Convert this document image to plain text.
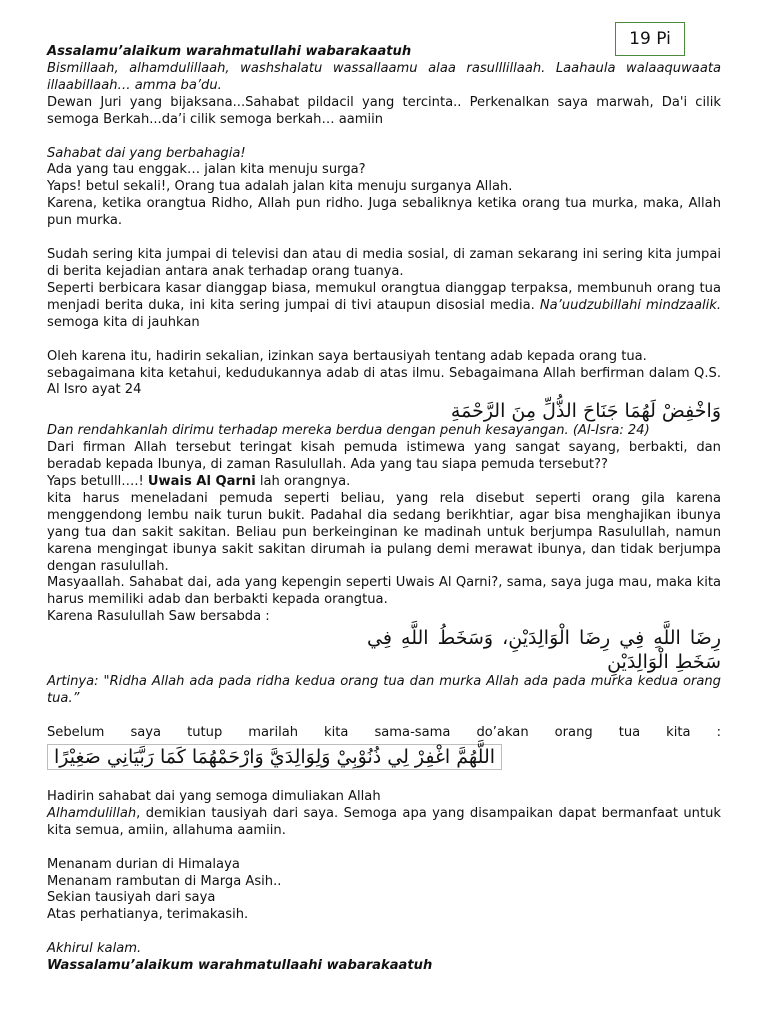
19 Pi

Assalamu’alaikum warahmatullahi wabarakaatuh

Bismillaah, alhamdulillaah, washshalatu wassallaamu alaa rasulllillaah. Laahaula walaaquwaata illaabillaah… amma ba’du.

Dewan Juri yang bijaksana...Sahabat pildacil yang tercinta.. Perkenalkan saya marwah, Da'i cilik semoga Berkah...da’i cilik semoga berkah… aamiin

Sahabat dai yang berbahagia!

Ada yang tau enggak… jalan kita menuju surga?

Yaps! betul sekali!, Orang tua adalah jalan kita menuju surganya Allah.

Karena, ketika orangtua Ridho, Allah pun ridho. Juga sebaliknya ketika orang tua murka, maka, Allah pun murka.

Sudah sering kita jumpai di televisi dan atau di media sosial, di zaman sekarang ini sering kita jumpai di berita kejadian antara anak terhadap orang tuanya.

Seperti berbicara kasar dianggap biasa, memukul orangtua dianggap terpaksa, membunuh orang tua menjadi berita duka, ini kita sering jumpai di tivi ataupun disosial media. Na’uudzubillahi mindzaalik. semoga kita di jauhkan

Oleh karena itu, hadirin sekalian, izinkan saya bertausiyah tentang adab kepada orang tua.

sebagaimana kita ketahui, kedudukannya adab di atas ilmu. Sebagaimana Allah berfirman dalam Q.S. Al Isro ayat 24

وَاخْفِضْ لَهُمَا جَنَاحَ الذُّلِّ مِنَ الرَّحْمَةِ

Dan rendahkanlah dirimu terhadap mereka berdua dengan penuh kesayangan. (Al-Isra: 24)

Dari firman Allah tersebut teringat kisah pemuda istimewa yang sangat sayang, berbakti, dan beradab kepada Ibunya, di zaman Rasulullah. Ada yang tau siapa pemuda tersebut??

Yaps betulll….! Uwais Al Qarni lah orangnya.

kita harus meneladani pemuda seperti beliau, yang rela disebut seperti orang gila karena menggendong lembu naik turun bukit. Padahal dia sedang berikhtiar, agar bisa menghajikan ibunya yang tua dan sakit sakitan. Beliau pun berkeinginan ke madinah untuk berjumpa Rasulullah, namun karena mengingat ibunya sakit sakitan dirumah ia pulang demi merawat ibunya, dan tidak berjumpa dengan rasulullah.

Masyaallah. Sahabat dai, ada yang kepengin seperti Uwais Al Qarni?, sama, saya juga mau, maka kita harus memiliki adab dan berbakti kepada orangtua.

Karena Rasulullah Saw bersabda :

رِضَا اللَّهِ فِي رِضَا الْوَالِدَيْنِ، وَسَخَطُ اللَّهِ فِي سَخَطِ الْوَالِدَيْنِ

Artinya: "Ridha Allah ada pada ridha kedua orang tua dan murka Allah ada pada murka kedua orang tua.”

Sebelum saya tutup marilah kita sama-sama do’akan orang tua kita :

اللَّهُمَّ اغْفِرْ لِي ذُنُوْبِيْ وَلِوَالِدَيَّ وَارْحَمْهُمَا كَمَا رَبَّيَانِي صَغِيْرًا

Hadirin sahabat dai yang semoga dimuliakan Allah

Alhamdulillah, demikian tausiyah dari saya. Semoga apa yang disampaikan dapat bermanfaat untuk kita semua, amiin, allahuma aamiin.

Menanam durian di Himalaya

Menanam rambutan di Marga Asih..

Sekian tausiyah dari saya

Atas perhatianya, terimakasih.

Akhirul kalam.

Wassalamu’alaikum warahmatullaahi wabarakaatuh
